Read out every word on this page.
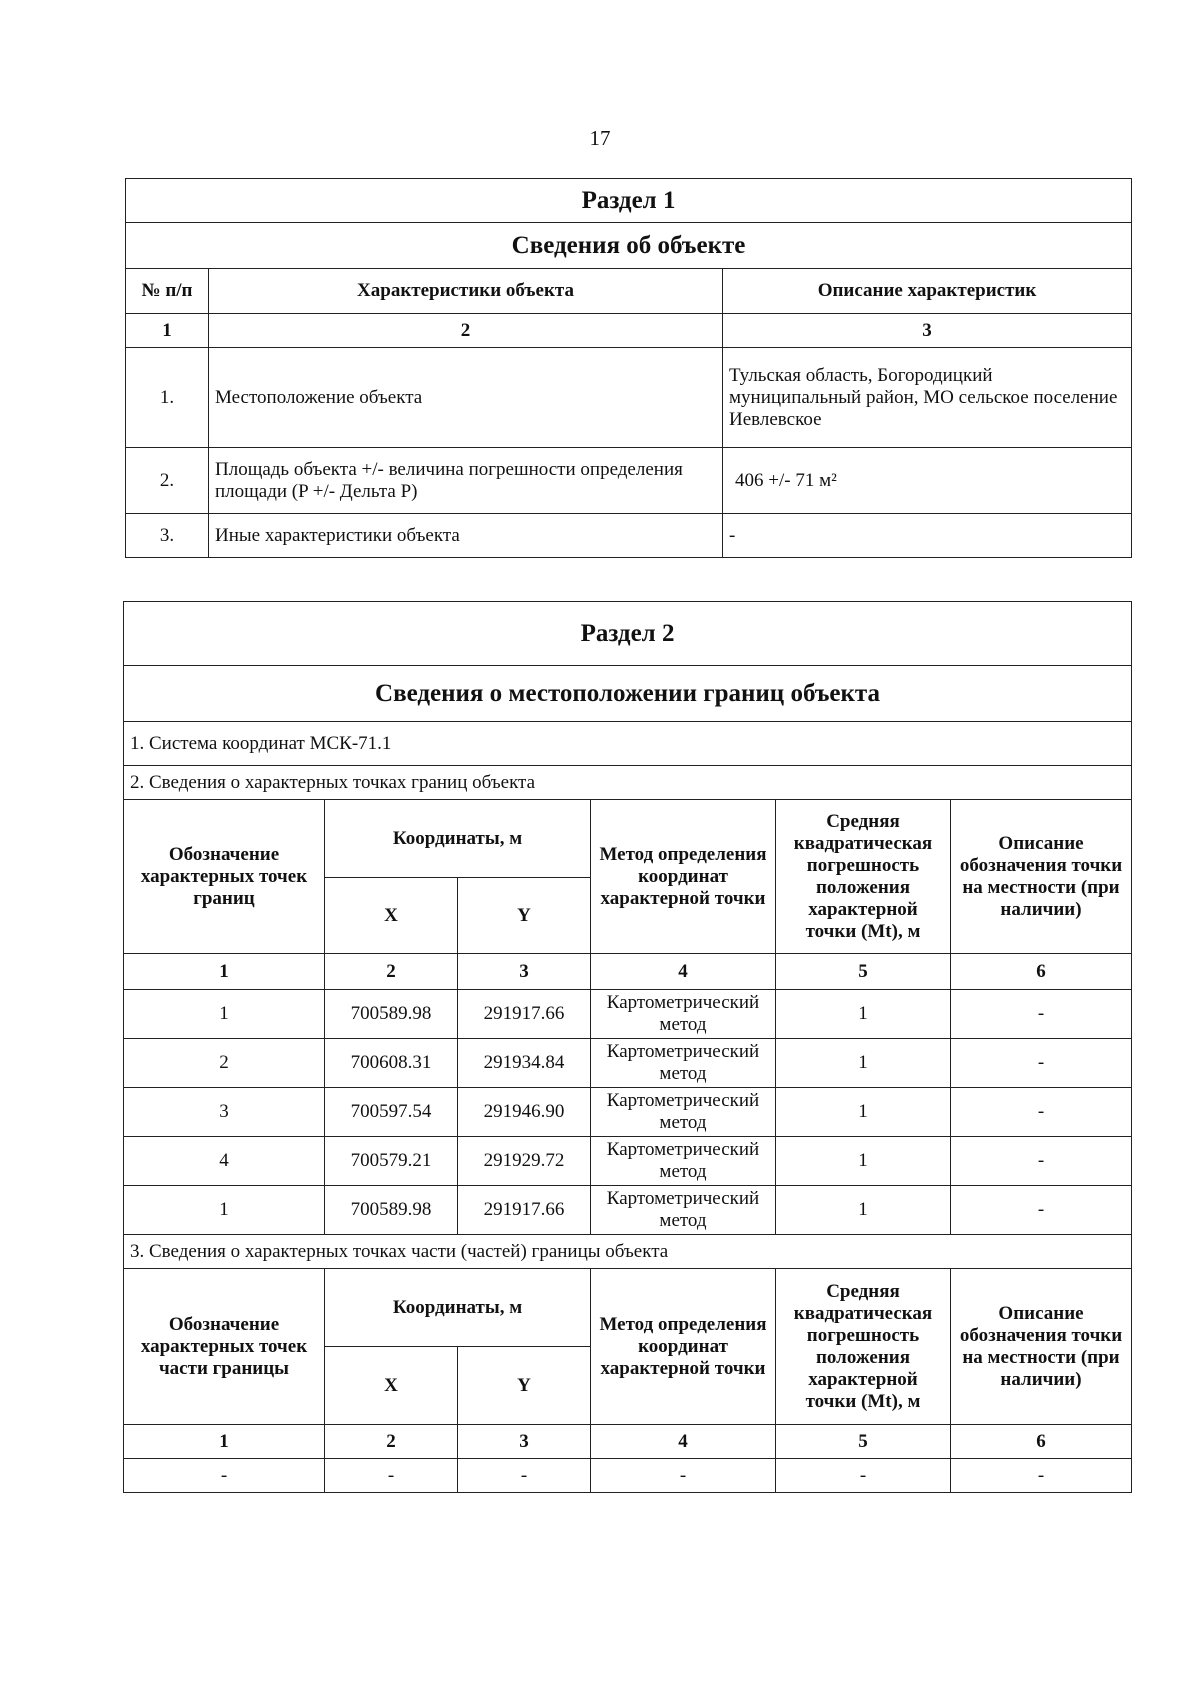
17
Раздел 1		
Сведения об объекте		
№ п/п	Характеристики объекта	Описание характеристик
1	2	3
1.	Местоположение объекта	Тульская область, Богородицкий муниципальный район, МО сельское поселение Иевлевское
2.	Площадь объекта +/- величина погрешности определения площади (P +/- Дельта P)	406 +/- 71 м²
3.	Иные характеристики объекта	-
Раздел 2					
Сведения о местоположении границ объекта					
1. Система координат МСК-71.1					
2. Сведения о характерных точках границ объекта					
Обозначение характерных точек границ	Координаты, м		Метод определения координат характерной точки	Средняя квадратическая погрешность положения характерной точки (Mt), м	Описание обозначения точки на местности (при наличии)
	X	Y			
1	2	3	4	5	6
1	700589.98	291917.66	Картометрический метод	1	-
2	700608.31	291934.84	Картометрический метод	1	-
3	700597.54	291946.90	Картометрический метод	1	-
4	700579.21	291929.72	Картометрический метод	1	-
1	700589.98	291917.66	Картометрический метод	1	-
3. Сведения о характерных точках части (частей) границы объекта					
Обозначение характерных точек части границы	Координаты, м		Метод определения координат характерной точки	Средняя квадратическая погрешность положения характерной точки (Mt), м	Описание обозначения точки на местности (при наличии)
	X	Y			
1	2	3	4	5	6
-	-	-	-	-	-
